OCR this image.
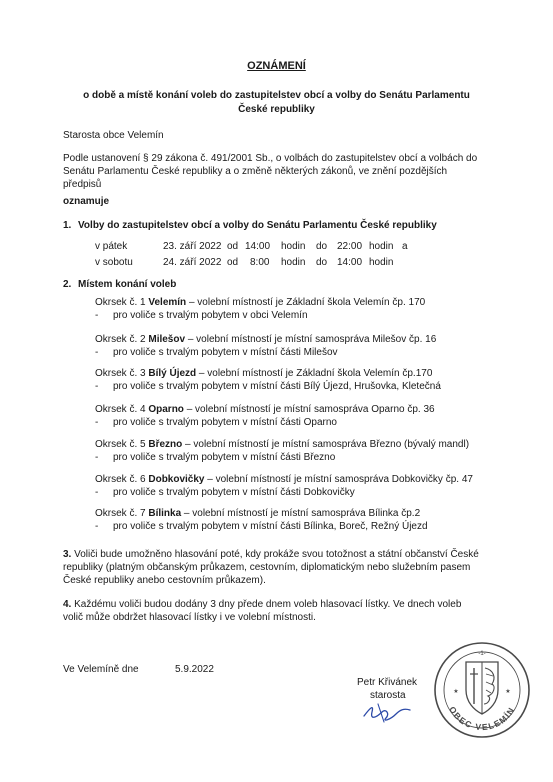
OZNÁMENÍ
o době a místě konání voleb do zastupitelstev obcí a volby do Senátu Parlamentu
České republiky
Starosta obce Velemín
Podle ustanovení § 29 zákona č. 491/2001 Sb., o volbách do zastupitelstev obcí a volbách do Senátu Parlamentu České republiky a o změně některých zákonů, ve znění pozdějších předpisů
oznamuje
1. Volby do zastupitelstev obcí a volby do Senátu Parlamentu České republiky
v pátek	23. září 2022 od 14:00 hodin do 22:00 hodin a
v sobotu	24. září 2022 od 8:00 hodin do 14:00 hodin
2. Místem konání voleb
Okrsek č. 1 Velemín – volební místností je Základní škola Velemín čp. 170
- pro voliče s trvalým pobytem v obci Velemín
Okrsek č. 2 Milešov – volební místností je místní samospráva Milešov čp. 16
- pro voliče s trvalým pobytem v místní části Milešov
Okrsek č. 3 Bílý Újezd – volební místností je Základní škola Velemín čp.170
- pro voliče s trvalým pobytem v místní části Bílý Újezd, Hrušovka, Kletečná
Okrsek č. 4 Oparno – volební místností je místní samospráva Oparno čp. 36
- pro voliče s trvalým pobytem v místní části Oparno
Okrsek č. 5 Březno – volební místností je místní samospráva Březno (bývalý mandl)
- pro voliče s trvalým pobytem v místní části Březno
Okrsek č. 6 Dobkovičky – volební místností je místní samospráva Dobkovičky čp. 47
- pro voliče s trvalým pobytem v místní části Dobkovičky
Okrsek č. 7 Bílinka – volební místností je místní samospráva Bílinka čp.2
- pro voliče s trvalým pobytem v místní části Bílinka, Boreč, Režný Újezd
3. Voliči bude umožněno hlasování poté, kdy prokáže svou totožnost a státní občanství České republiky (platným občanským průkazem, cestovním, diplomatickým nebo služebním pasem České republiky anebo cestovním průkazem).
4. Každému voliči budou dodány 3 dny přede dnem voleb hlasovací lístky. Ve dnech voleb volič může obdržet hlasovací lístky i ve volební místnosti.
Ve Velemíně dne	5.9.2022
Petr Křivánek
starosta
-1-
OBEC VELEMÍN
★	★
